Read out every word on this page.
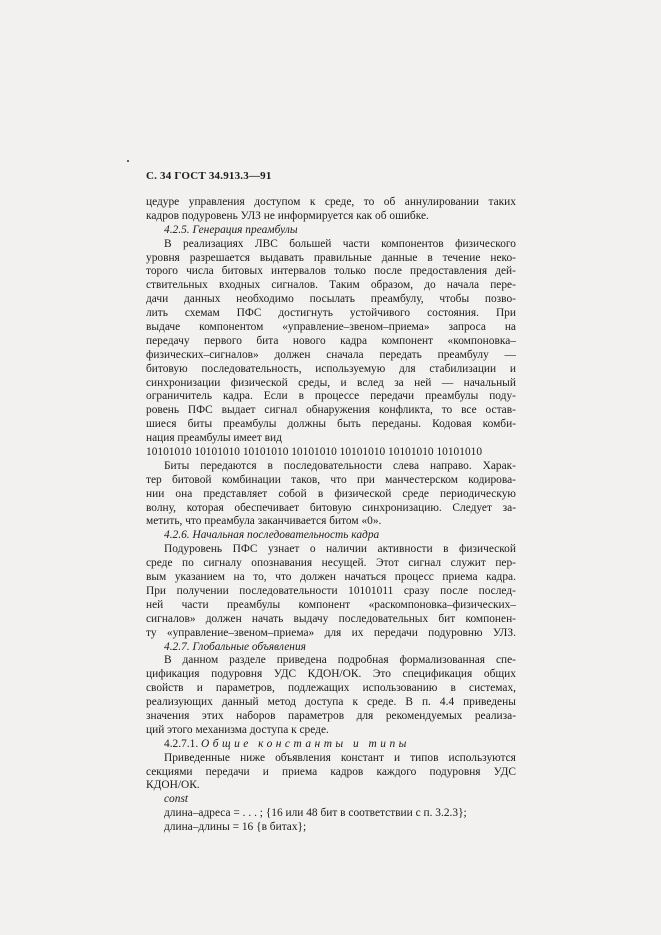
С. 34 ГОСТ 34.913.3—91
цедуре управления доступом к среде, то об аннулировании таких
кадров подуровень УЛЗ не информируется как об ошибке.
4.2.5. Генерация преамбулы
В реализациях ЛВС большей части компонентов физического
уровня разрешается выдавать правильные данные в течение неко-
торого числа битовых интервалов только после предоставления дей-
ствительных входных сигналов. Таким образом, до начала пере-
дачи данных необходимо посылать преамбулу, чтобы позво-
лить схемам ПФС достигнуть устойчивого состояния. При
выдаче компонентом «управление–звеном–приема» запроса на
передачу первого бита нового кадра компонент «компоновка–
физических–сигналов» должен сначала передать преамбулу —
битовую последовательность, используемую для стабилизации и
синхронизации физической среды, и вслед за ней — начальный
ограничитель кадра. Если в процессе передачи преамбулы поду-
ровень ПФС выдает сигнал обнаружения конфликта, то все остав-
шиеся биты преамбулы должны быть переданы. Кодовая комби-
нация преамбулы имеет вид
10101010 10101010 10101010 10101010 10101010 10101010 10101010
Биты передаются в последовательности слева направо. Харак-
тер битовой комбинации таков, что при манчестерском кодирова-
нии она представляет собой в физической среде периодическую
волну, которая обеспечивает битовую синхронизацию. Следует за-
метить, что преамбула заканчивается битом «0».
4.2.6. Начальная последовательность кадра
Подуровень ПФС узнает о наличии активности в физической
среде по сигналу опознавания несущей. Этот сигнал служит пер-
вым указанием на то, что должен начаться процесс приема кадра.
При получении последовательности 10101011 сразу после послед-
ней части преамбулы компонент «раскомпоновка–физических–
сигналов» должен начать выдачу последовательных бит компонен-
ту «управление–звеном–приема» для их передачи подуровню УЛЗ.
4.2.7. Глобальные объявления
В данном разделе приведена подробная формализованная спе-
цификация подуровня УДС КДОН/ОК. Это спецификация общих
свойств и параметров, подлежащих использованию в системах,
реализующих данный метод доступа к среде. В п. 4.4 приведены
значения этих наборов параметров для рекомендуемых реализа-
ций этого механизма доступа к среде.
4.2.7.1. Общие константы и типы
Приведенные ниже объявления констант и типов используются
секциями передачи и приема кадров каждого подуровня УДС
КДОН/ОК.
const
длина–адреса = . . . ; {16 или 48 бит в соответствии с п. 3.2.3};
длина–длины = 16 {в битах};
